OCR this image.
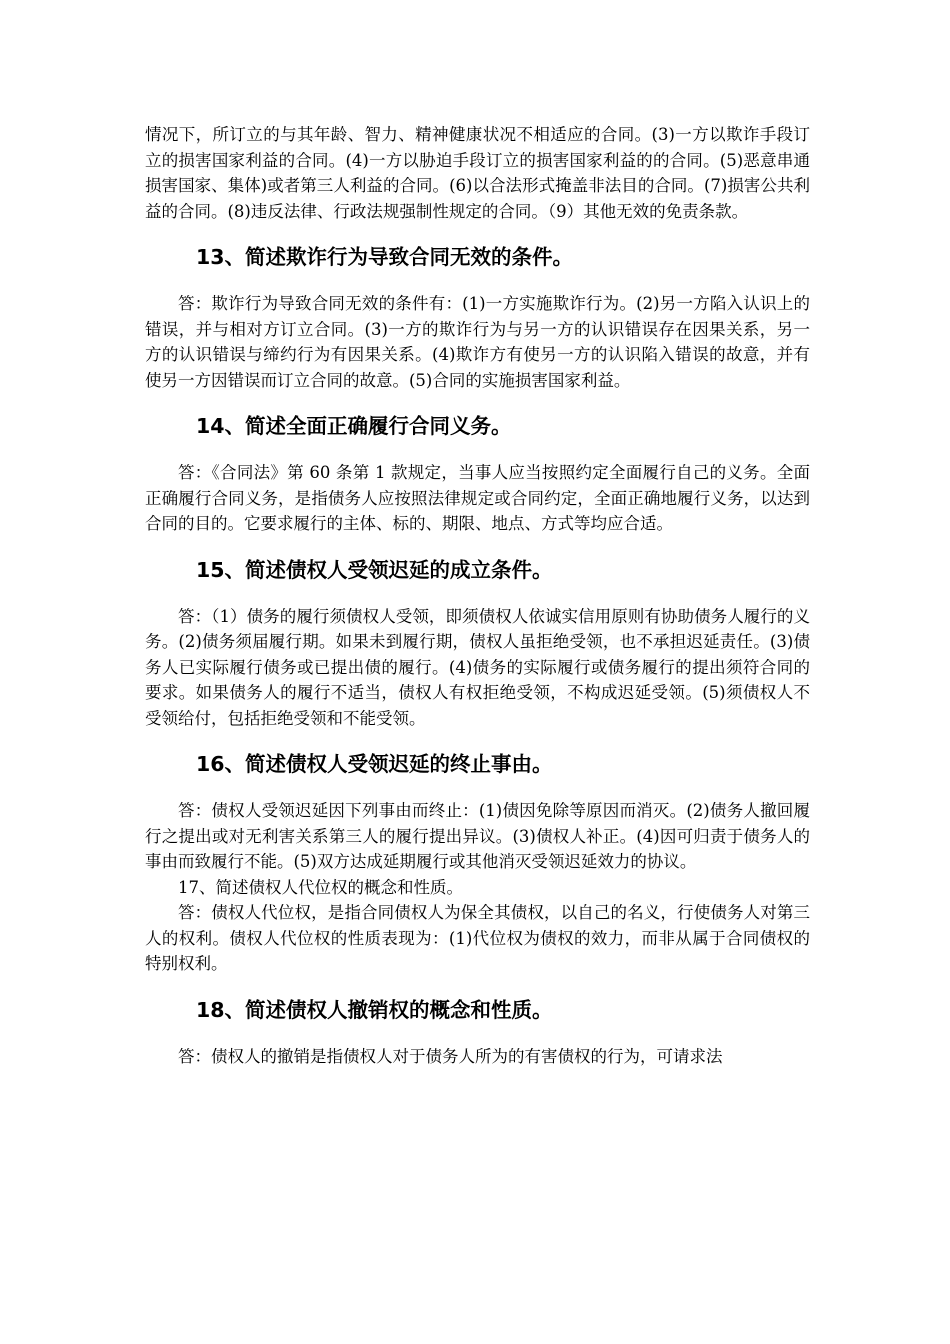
情况下，所订立的与其年龄、智力、精神健康状况不相适应的合同。(3)一方以欺诈手段订立的损害国家利益的合同。(4)一方以胁迫手段订立的损害国家利益的的合同。(5)恶意串通损害国家、集体)或者第三人利益的合同。(6)以合法形式掩盖非法目的合同。(7)损害公共利益的合同。(8)违反法律、行政法规强制性规定的合同。（9）其他无效的免责条款。

13、简述欺诈行为导致合同无效的条件。

答：欺诈行为导致合同无效的条件有：(1)一方实施欺诈行为。(2)另一方陷入认识上的错误，并与相对方订立合同。(3)一方的欺诈行为与另一方的认识错误存在因果关系，另一方的认识错误与缔约行为有因果关系。(4)欺诈方有使另一方的认识陷入错误的故意，并有使另一方因错误而订立合同的故意。(5)合同的实施损害国家利益。

14、简述全面正确履行合同义务。

答：《合同法》第 60 条第 1 款规定，当事人应当按照约定全面履行自己的义务。全面正确履行合同义务，是指债务人应按照法律规定或合同约定，全面正确地履行义务，以达到合同的目的。它要求履行的主体、标的、期限、地点、方式等均应合适。

15、简述债权人受领迟延的成立条件。

答：（1）债务的履行须债权人受领，即须债权人依诚实信用原则有协助债务人履行的义务。(2)债务须届履行期。如果未到履行期，债权人虽拒绝受领，也不承担迟延责任。(3)债务人已实际履行债务或已提出债的履行。(4)债务的实际履行或债务履行的提出须符合同的要求。如果债务人的履行不适当，债权人有权拒绝受领，不构成迟延受领。(5)须债权人不受领给付，包括拒绝受领和不能受领。

16、简述债权人受领迟延的终止事由。

答：债权人受领迟延因下列事由而终止：(1)债因免除等原因而消灭。(2)债务人撤回履行之提出或对无利害关系第三人的履行提出异议。(3)债权人补正。(4)因可归责于债务人的事由而致履行不能。(5)双方达成延期履行或其他消灭受领迟延效力的协议。

17、简述债权人代位权的概念和性质。

答：债权人代位权，是指合同债权人为保全其债权，以自己的名义，行使债务人对第三人的权利。债权人代位权的性质表现为：(1)代位权为债权的效力，而非从属于合同债权的特别权利。

18、简述债权人撤销权的概念和性质。

答：债权人的撤销是指债权人对于债务人所为的有害债权的行为，可请求法
